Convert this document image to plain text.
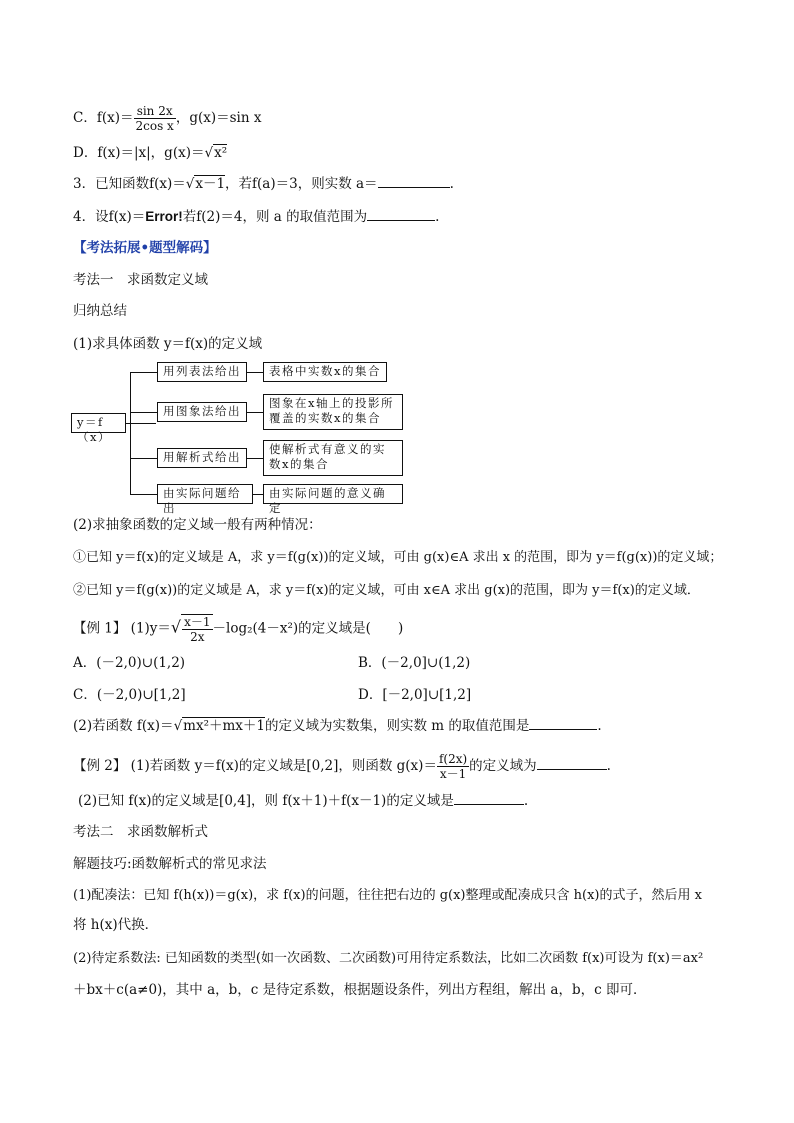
C．$f(x)= \frac{\sin 2x}{\text{2cos x}}$ ，g(x)＝sin x
D．f(x)＝|x|，g(x)＝√x²
3．已知函数f(x)＝√x－1，若f(a)＝3，则实数 a＝	.
4．设f(x)＝Error!若f(2)＝4，则 a 的取值范围为	.
【考法拓展•题型解码】
考法一　求函数定义域
归纳总结
(1)求具体函数 y＝f(x)的定义域
y＝f（x）
用列表法给出
用图象法给出
用解析式给出
由实际问题给出
表格中实数x的集合
图象在x轴上的投影所覆盖的实数x的集合
使解析式有意义的实数x的集合
由实际问题的意义确定
(2)求抽象函数的定义域一般有两种情况：
①已知 y＝f(x)的定义域是 A，求 y＝f(g(x))的定义域，可由 g(x)∈A 求出 x 的范围，即为 y＝f(g(x))的定义域；
②已知 y＝f(g(x))的定义域是 A，求 y＝f(x)的定义域，可由 x∈A 求出 g(x)的范围，即为 y＝f(x)的定义域．
【例 1】 $(1)y=√ \frac{x-1}{2x} -\log_2(4-x^2)$的定义域是(　　)
A．(－2,0)∪(1,2)	B．(－2,0]∪(1,2)
C．(－2,0)∪[1,2]	D．[－2,0]∪[1,2]
(2)若函数 f(x)＝√mx²＋mx＋1的定义域为实数集，则实数 m 的取值范围是	.
【例 2】 (1)若函数 y＝f(x)的定义域是[0,2]，则函数 $g(x)= \frac{f(2x)}{x-1}$ 的定义域为	.
(2)已知 f(x)的定义域是[0,4]，则 f(x＋1)＋f(x－1)的定义域是	.
考法二　求函数解析式
解题技巧:函数解析式的常见求法
(1)配凑法：已知 f(h(x))＝g(x)，求 f(x)的问题，往往把右边的 g(x)整理或配凑成只含 h(x)的式子，然后用 x
将 h(x)代换．
(2)待定系数法: 已知函数的类型(如一次函数、二次函数)可用待定系数法，比如二次函数 f(x)可设为 f(x)＝ax²
＋bx＋c(a≠0)，其中 a，b，c 是待定系数，根据题设条件，列出方程组，解出 a，b，c 即可．
